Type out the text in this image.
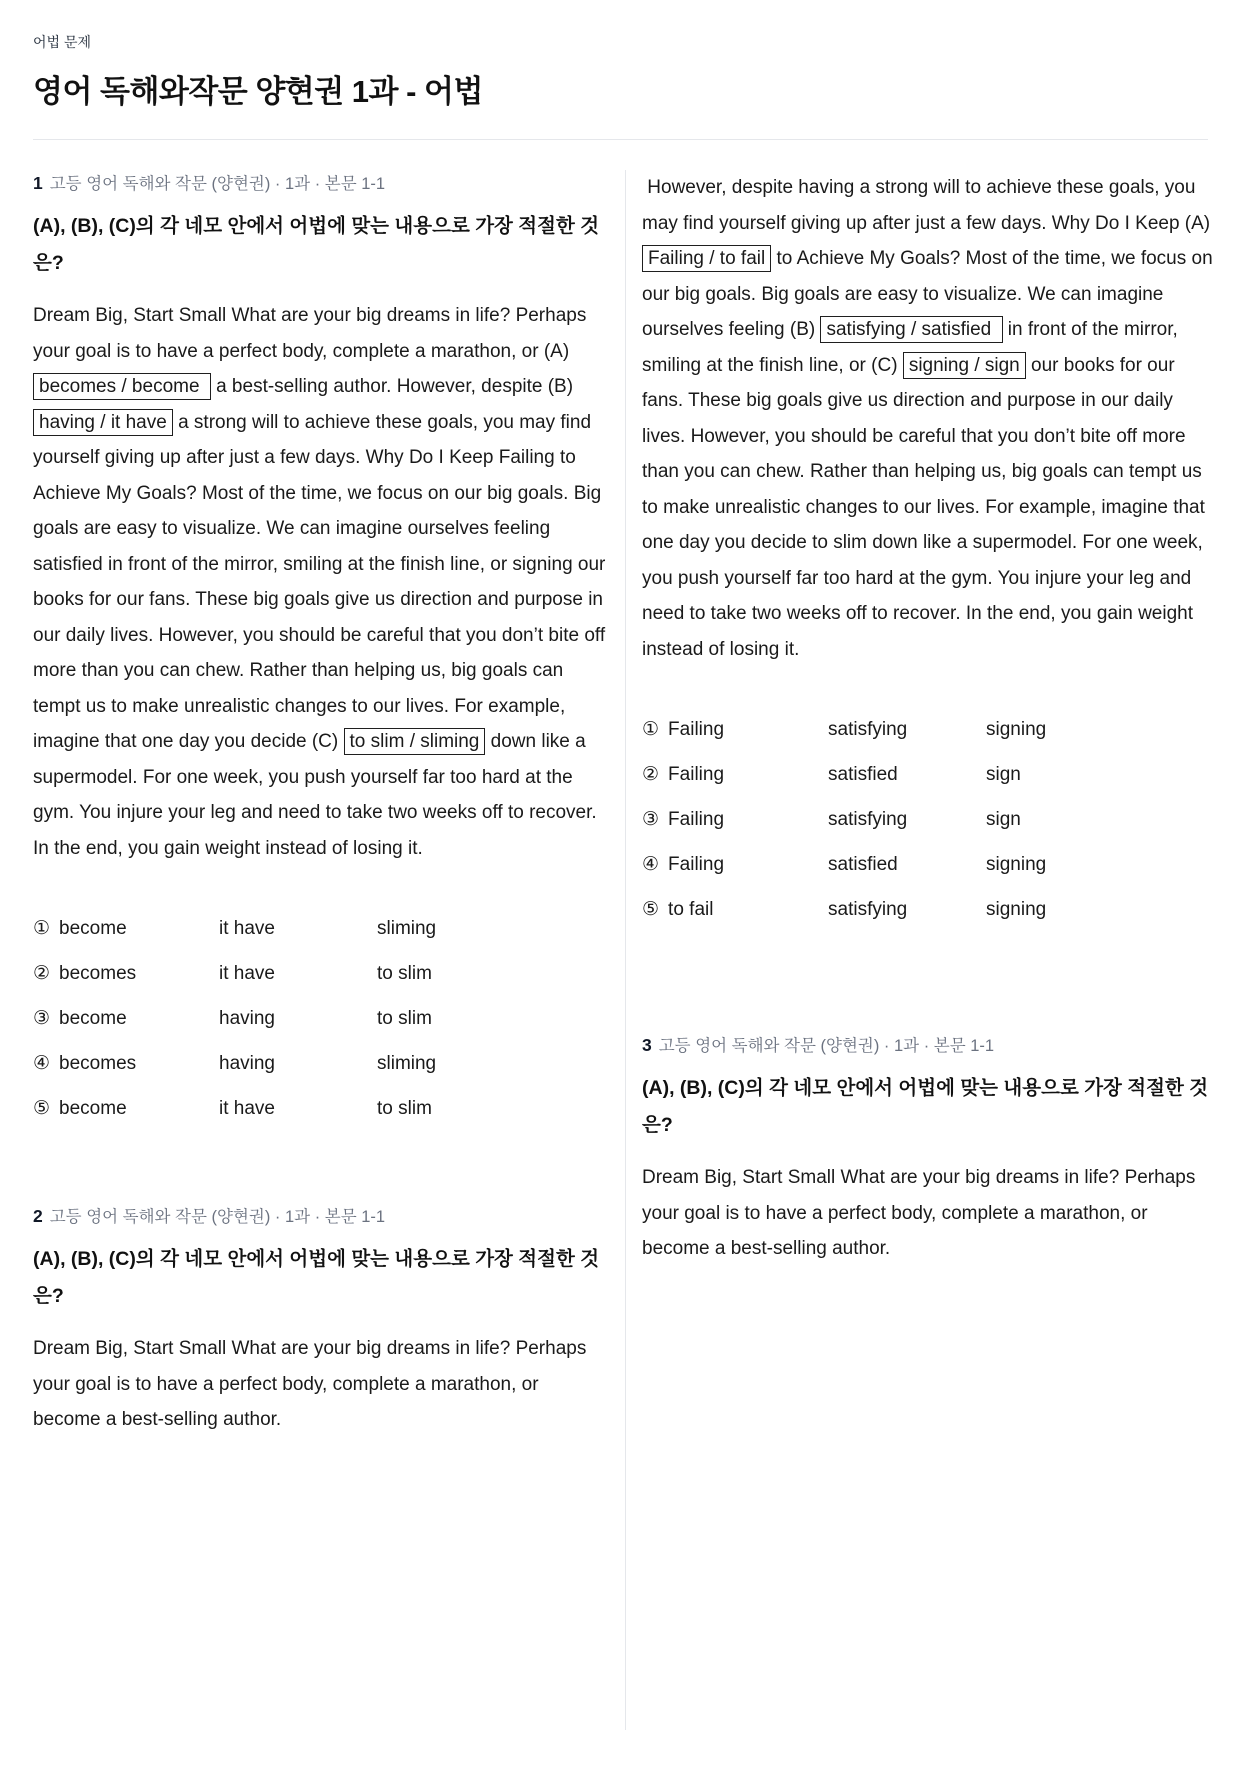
어법 문제
영어 독해와작문 양현권 1과 - 어법
1 고등 영어 독해와 작문 (양현권) · 1과 · 본문 1-1
(A), (B), (C)의 각 네모 안에서 어법에 맞는 내용으로 가장 적절한 것은?

Dream Big, Start Small What are your big dreams in life? Perhaps your goal is to have a perfect body, complete a marathon, or (A) becomes / become  a best-selling author. However, despite (B) having / it have a strong will to achieve these goals, you may find yourself giving up after just a few days. Why Do I Keep Failing to Achieve My Goals? Most of the time, we focus on our big goals. Big goals are easy to visualize. We can imagine ourselves feeling satisfied in front of the mirror, smiling at the finish line, or signing our books for our fans. These big goals give us direction and purpose in our daily lives. However, you should be careful that you don’t bite off more than you can chew. Rather than helping us, big goals can tempt us to make unrealistic changes to our lives. For example, imagine that one day you decide (C) to slim / sliming down like a supermodel. For one week, you push yourself far too hard at the gym. You injure your leg and need to take two weeks off to recover. In the end, you gain weight instead of losing it.

① become	it have	sliming
② becomes	it have	to slim
③ become	having	to slim
④ becomes	having	sliming
⑤ become	it have	to slim
2 고등 영어 독해와 작문 (양현권) · 1과 · 본문 1-1
(A), (B), (C)의 각 네모 안에서 어법에 맞는 내용으로 가장 적절한 것은?

Dream Big, Start Small What are your big dreams in life? Perhaps your goal is to have a perfect body, complete a marathon, or become a best-selling author.

However, despite having a strong will to achieve these goals, you may find yourself giving up after just a few days. Why Do I Keep (A) Failing / to fail to Achieve My Goals? Most of the time, we focus on our big goals. Big goals are easy to visualize. We can imagine ourselves feeling (B) satisfying / satisfied  in front of the mirror, smiling at the finish line, or (C) signing / sign our books for our fans. These big goals give us direction and purpose in our daily lives. However, you should be careful that you don’t bite off more than you can chew. Rather than helping us, big goals can tempt us to make unrealistic changes to our lives. For example, imagine that one day you decide to slim down like a supermodel. For one week, you push yourself far too hard at the gym. You injure your leg and need to take two weeks off to recover. In the end, you gain weight instead of losing it.

① Failing	satisfying	signing
② Failing	satisfied	sign
③ Failing	satisfying	sign
④ Failing	satisfied	signing
⑤ to fail	satisfying	signing
3 고등 영어 독해와 작문 (양현권) · 1과 · 본문 1-1
(A), (B), (C)의 각 네모 안에서 어법에 맞는 내용으로 가장 적절한 것은?

Dream Big, Start Small What are your big dreams in life? Perhaps your goal is to have a perfect body, complete a marathon, or become a best-selling author.
